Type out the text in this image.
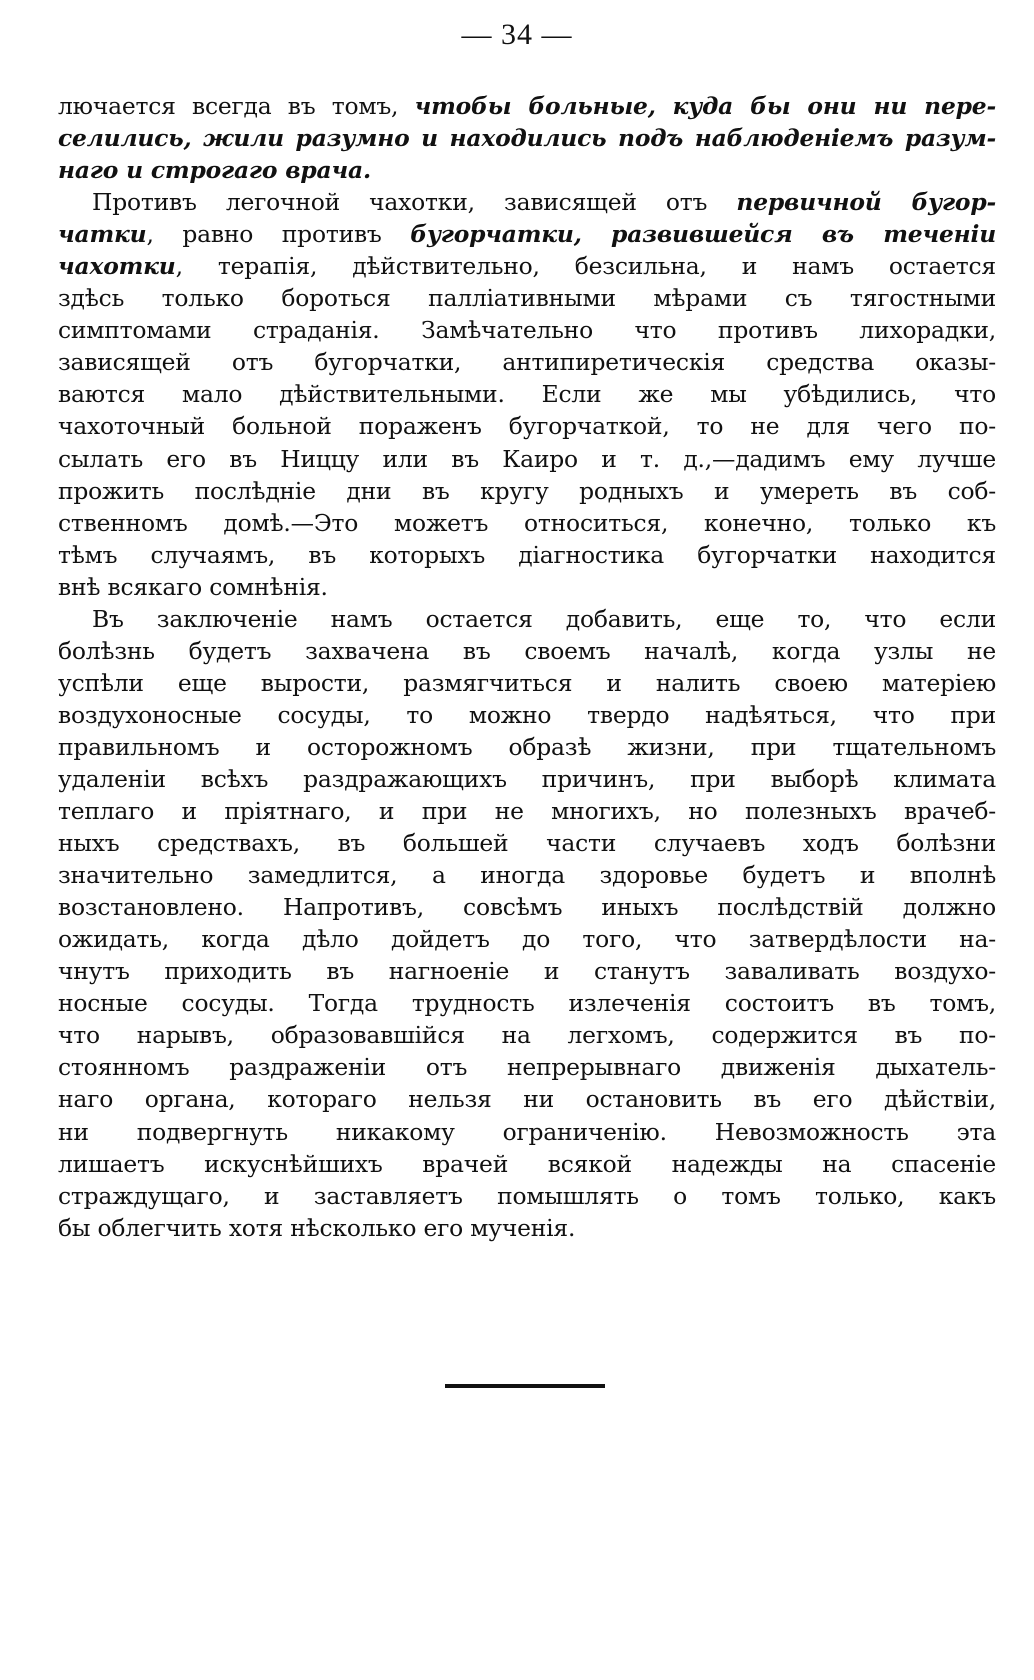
— 34 —
лючается всегда въ томъ, чтобы больные, куда бы они ни пере-
селились, жили разумно и находились подъ наблюденіемъ разум-
наго и строгаго врача.
Противъ легочной чахотки, зависящей отъ первичной бугор-
чатки, равно противъ бугорчатки, развившейся въ теченіи
чахотки, терапія, дѣйствительно, безсильна, и намъ остается
здѣсь только бороться палліативными мѣрами съ тягостными
симптомами страданія. Замѣчательно что противъ лихорадки,
зависящей отъ бугорчатки, антипиретическія средства оказы-
ваются мало дѣйствительными. Если же мы убѣдились, что
чахоточный больной пораженъ бугорчаткой, то не для чего по-
сылать его въ Ниццу или въ Каиро и т. д.,—дадимъ ему лучше
прожить послѣдніе дни въ кругу родныхъ и умереть въ соб-
ственномъ домѣ.—Это можетъ относиться, конечно, только къ
тѣмъ случаямъ, въ которыхъ діагностика бугорчатки находится
внѣ всякаго сомнѣнія.
Въ заключеніе намъ остается добавить, еще то, что если
болѣзнь будетъ захвачена въ своемъ началѣ, когда узлы не
успѣли еще вырости, размягчиться и налить своею матеріею
воздухоносные сосуды, то можно твердо надѣяться, что при
правильномъ и осторожномъ образѣ жизни, при тщательномъ
удаленіи всѣхъ раздражающихъ причинъ, при выборѣ климата
теплаго и пріятнаго, и при не многихъ, но полезныхъ врачеб-
ныхъ средствахъ, въ большей части случаевъ ходъ болѣзни
значительно замедлится, а иногда здоровье будетъ и вполнѣ
возстановлено. Напротивъ, совсѣмъ иныхъ послѣдствій должно
ожидать, когда дѣло дойдетъ до того, что затвердѣлости на-
чнутъ приходить въ нагноеніе и станутъ заваливать воздухо-
носные сосуды. Тогда трудность излеченія состоитъ въ томъ,
что нарывъ, образовавшійся на легхомъ, содержится въ по-
стоянномъ раздраженіи отъ непрерывнаго движенія дыхатель-
наго органа, котораго нельзя ни остановить въ его дѣйствіи,
ни подвергнуть никакому ограниченію. Невозможность эта
лишаетъ искуснѣйшихъ врачей всякой надежды на спасеніе
страждущаго, и заставляетъ помышлять о томъ только, какъ
бы облегчить хотя нѣсколько его мученія.
